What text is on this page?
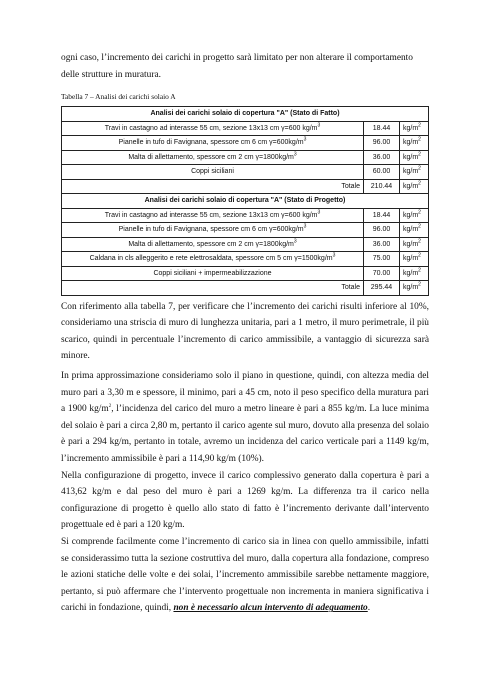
ogni caso, l’incremento dei carichi in progetto sarà limitato per non alterare il comportamento
delle strutture in muratura.

Tabella 7 – Analisi dei carichi solaio A
Analisi dei carichi solaio di copertura "A" (Stato di Fatto)		
Travi in castagno ad interasse 55 cm, sezione 13x13 cm γ=600 $kg/m^3$	18.44	$kg/m^2$
Pianelle in tufo di Favignana, spessore cm 6 cm $\gamma=600kg/m^3$	96.00	$kg/m^2$
Malta di allettamento, spessore cm 2 cm $\gamma=1800kg/m^3$	36.00	$kg/m^2$
Coppi siciliani	60.00	$kg/m^2$
Totale	210.44	$kg/m^2$
Analisi dei carichi solaio di copertura "A" (Stato di Progetto)		
Travi in castagno ad interasse 55 cm, sezione 13x13 cm γ=600 $kg/m^3$	18.44	$kg/m^2$
Pianelle in tufo di Favignana, spessore cm 6 cm $\gamma=600kg/m^3$	96.00	$kg/m^2$
Malta di allettamento, spessore cm 2 cm $\gamma=1800kg/m^3$	36.00	$kg/m^2$
Caldana in cls alleggerito e rete elettrosaldata, spessore cm 5 cm $\gamma=1500kg/m^3$	75.00	$kg/m^2$
Coppi siciliani + impermeabilizzazione	70.00	$kg/m^2$
Totale	295.44	$kg/m^2$

Con riferimento alla tabella 7, per verificare che l’incremento dei carichi risulti inferiore al 10%, consideriamo una striscia di muro di lunghezza unitaria, pari a 1 metro, il muro perimetrale, il più scarico, quindi in percentuale l’incremento di carico ammissibile, a vantaggio di sicurezza sarà minore.

In prima approssimazione consideriamo solo il piano in questione, quindi, con altezza media del muro pari a 3,30 m e spessore, il minimo, pari a 45 cm, noto il peso specifico della muratura pari a 1900 $kg/m^2$, l’incidenza del carico del muro a metro lineare è pari a 855 kg/m. La luce minima del solaio è pari a circa 2,80 m, pertanto il carico agente sul muro, dovuto alla presenza del solaio è pari a 294 kg/m, pertanto in totale, avremo un incidenza del carico verticale pari a 1149 kg/m, l’incremento ammissibile è pari a 114,90 kg/m (10%).

Nella configurazione di progetto, invece il carico complessivo generato dalla copertura è pari a 413,62 kg/m e dal peso del muro è pari a 1269 kg/m. La differenza tra il carico nella configurazione di progetto è quello allo stato di fatto è l’incremento derivante dall’intervento progettuale ed è pari a 120 kg/m.

Si comprende facilmente come l’incremento di carico sia in linea con quello ammissibile, infatti se considerassimo tutta la sezione costruttiva del muro, dalla copertura alla fondazione, compreso le azioni statiche delle volte e dei solai, l’incremento ammissibile sarebbe nettamente maggiore, pertanto, si può affermare che l’intervento progettuale non incrementa in maniera significativa i carichi in fondazione, quindi, non è necessario alcun intervento di adeguamento.
